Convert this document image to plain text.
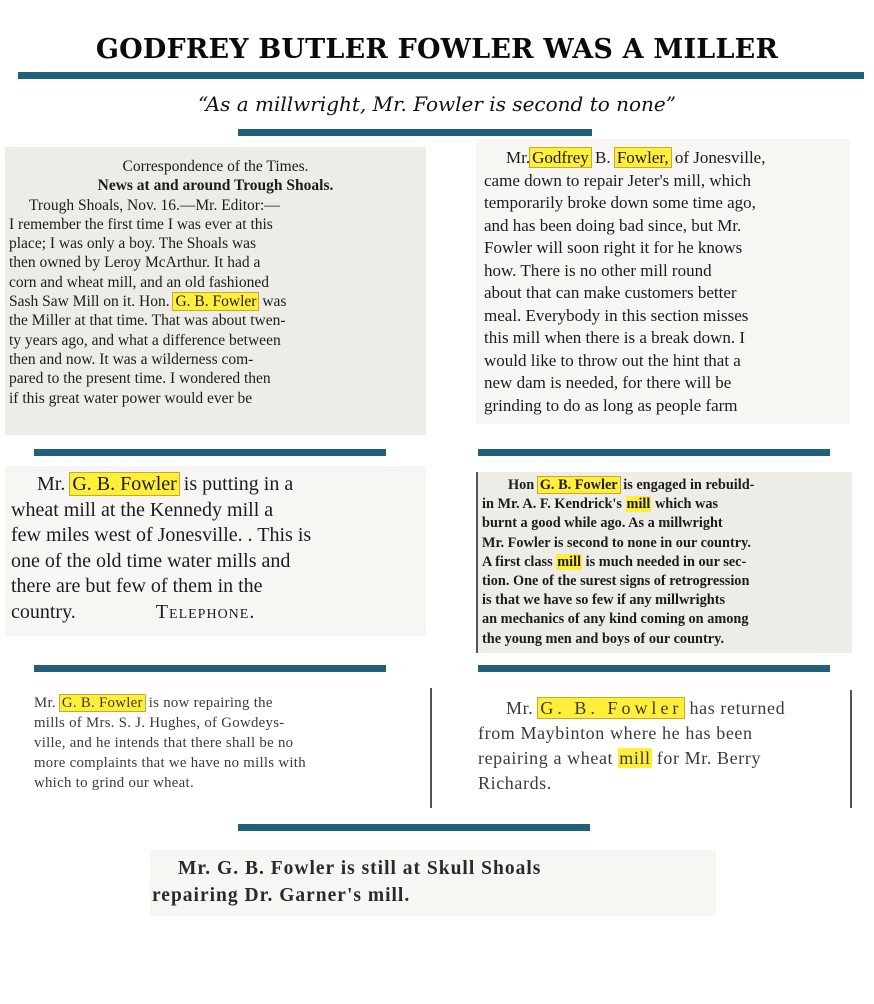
GODFREY BUTLER FOWLER WAS A MILLER
“As a millwright, Mr. Fowler is second to none”
Correspondence of the Times.
News at and around Trough Shoals.
Trough Shoals, Nov. 16.—Mr. Editor:—
I remember the first time I was ever at this
place; I was only a boy. The Shoals was
then owned by Leroy McArthur. It had a
corn and wheat mill, and an old fashioned
Sash Saw Mill on it. Hon. G. B. Fowler was
the Miller at that time. That was about twen-
ty years ago, and what a difference between
then and now. It was a wilderness com-
pared to the present time. I wondered then
if this great water power would ever be
Mr. Godfrey B. Fowler, of Jonesville,
came down to repair Jeter's mill, which
temporarily broke down some time ago,
and has been doing bad since, but Mr.
Fowler will soon right it for he knows
how. There is no other mill round
about that can make customers better
meal. Everybody in this section misses
this mill when there is a break down. I
would like to throw out the hint that a
new dam is needed, for there will be
grinding to do as long as people farm
Mr. G. B. Fowler is putting in a
wheat mill at the Kennedy mill a
few miles west of Jonesville. . This is
one of the old time water mills and
there are but few of them in the
country.	Telephone.
Hon G. B. Fowler is engaged in rebuild-
in Mr. A. F. Kendrick's mill which was
burnt a good while ago. As a millwright
Mr. Fowler is second to none in our country.
A first class mill is much needed in our sec-
tion. One of the surest signs of retrogression
is that we have so few if any millwrights
an mechanics of any kind coming on among
the young men and boys of our country.
Mr. G. B. Fowler is now repairing the
mills of Mrs. S. J. Hughes, of Gowdeys-
ville, and he intends that there shall be no
more complaints that we have no mills with
which to grind our wheat.
Mr. G. B. Fowler has returned
from Maybinton where he has been
repairing a wheat mill for Mr. Berry
Richards.
Mr. G. B. Fowler is still at Skull Shoals
repairing Dr. Garner's mill.
